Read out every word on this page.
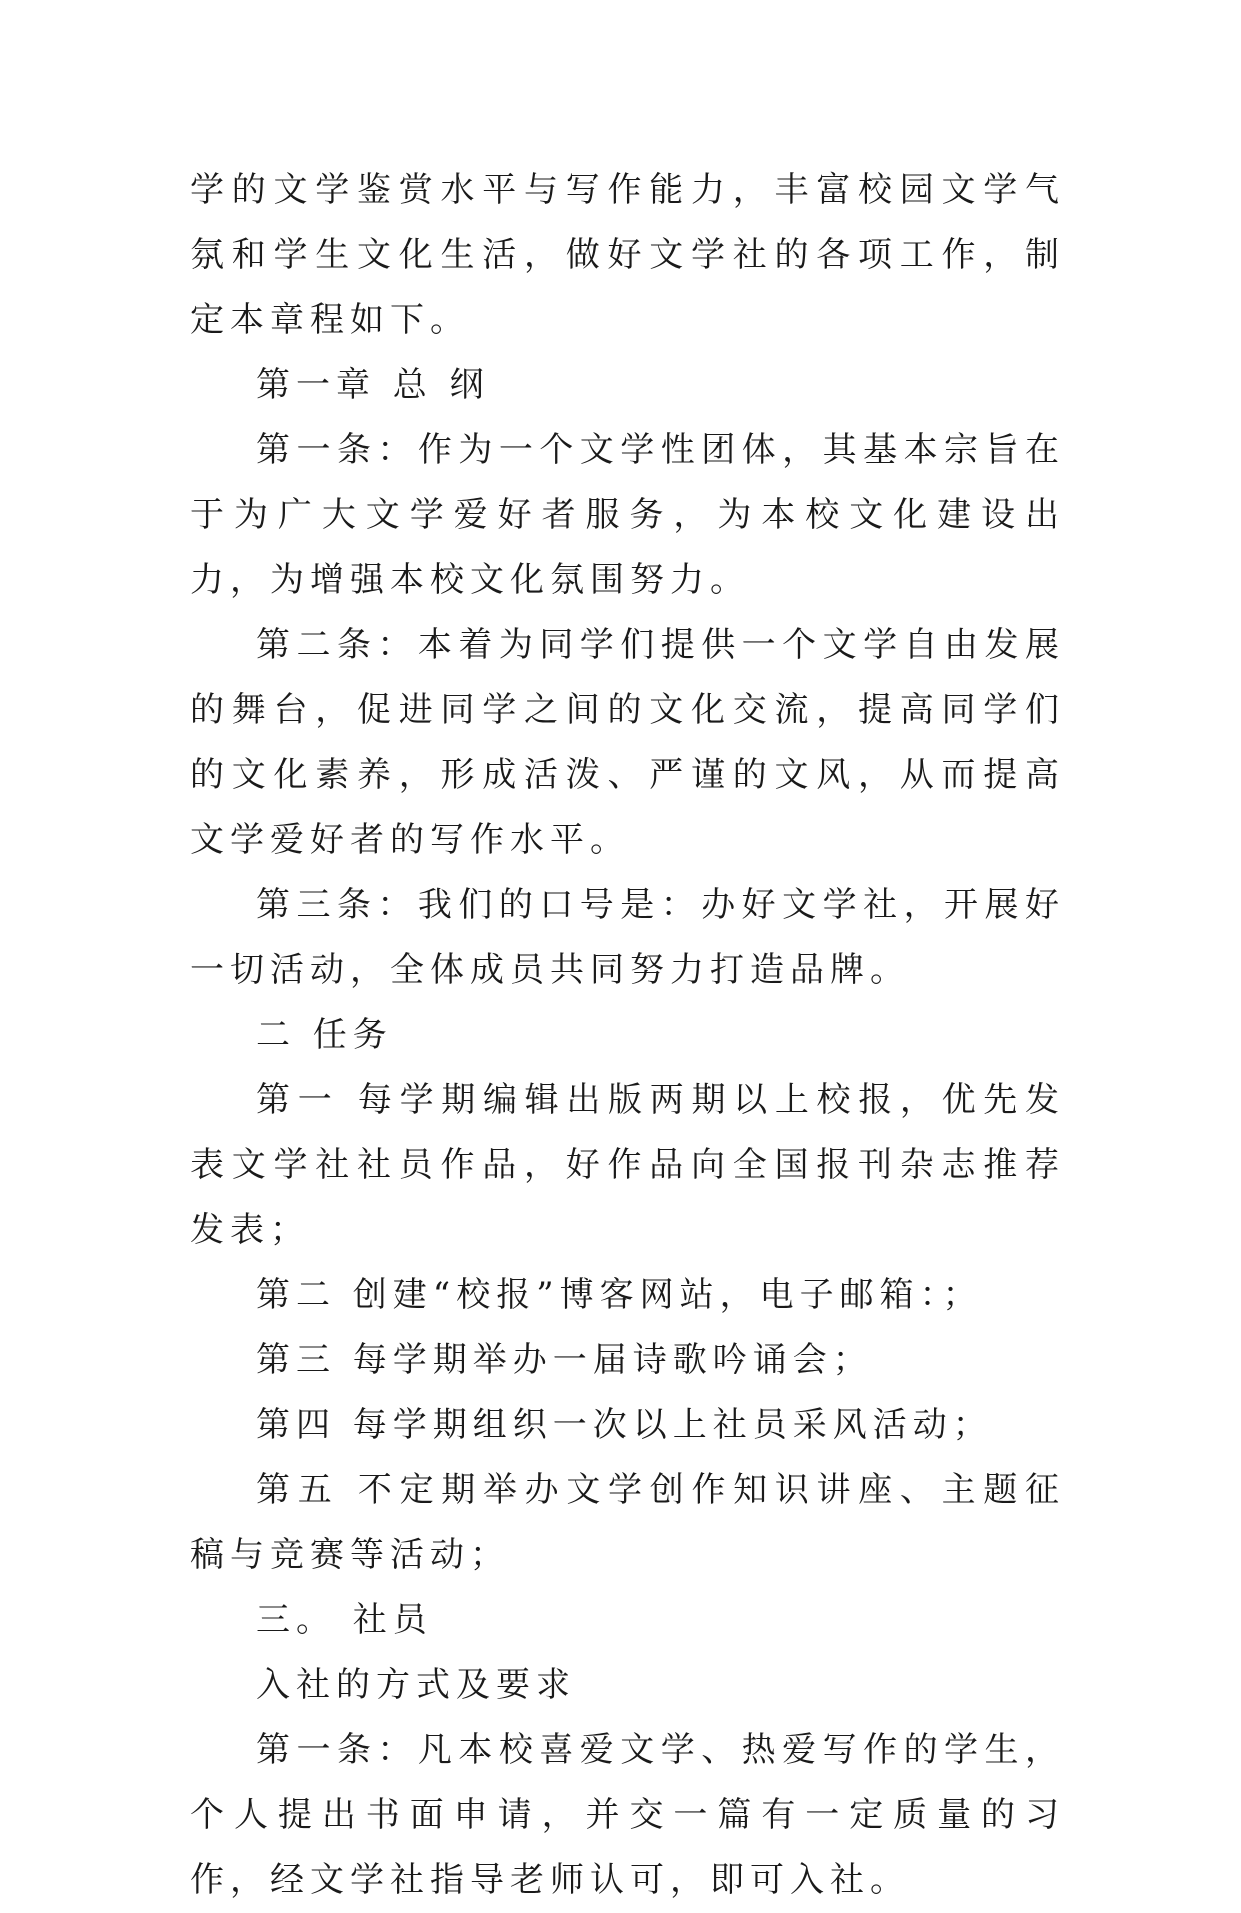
学的文学鉴赏水平与写作能力，丰富校园文学气氛和学生文化生活，做好文学社的各项工作，制定本章程如下。

第一章 总 纲

第一条：作为一个文学性团体，其基本宗旨在于为广大文学爱好者服务，为本校文化建设出力，为增强本校文化氛围努力。

第二条：本着为同学们提供一个文学自由发展的舞台，促进同学之间的文化交流，提高同学们的文化素养，形成活泼、严谨的文风，从而提高文学爱好者的写作水平。

第三条：我们的口号是：办好文学社，开展好一切活动，全体成员共同努力打造品牌。

二 任务

第一 每学期编辑出版两期以上校报，优先发表文学社社员作品，好作品向全国报刊杂志推荐发表；

第二 创建“校报”博客网站，电子邮箱：；

第三 每学期举办一届诗歌吟诵会；

第四 每学期组织一次以上社员采风活动；

第五 不定期举办文学创作知识讲座、主题征稿与竞赛等活动；

三。 社员

入社的方式及要求

第一条：凡本校喜爱文学、热爱写作的学生，个人提出书面申请，并交一篇有一定质量的习作，经文学社指导老师认可，即可入社。
